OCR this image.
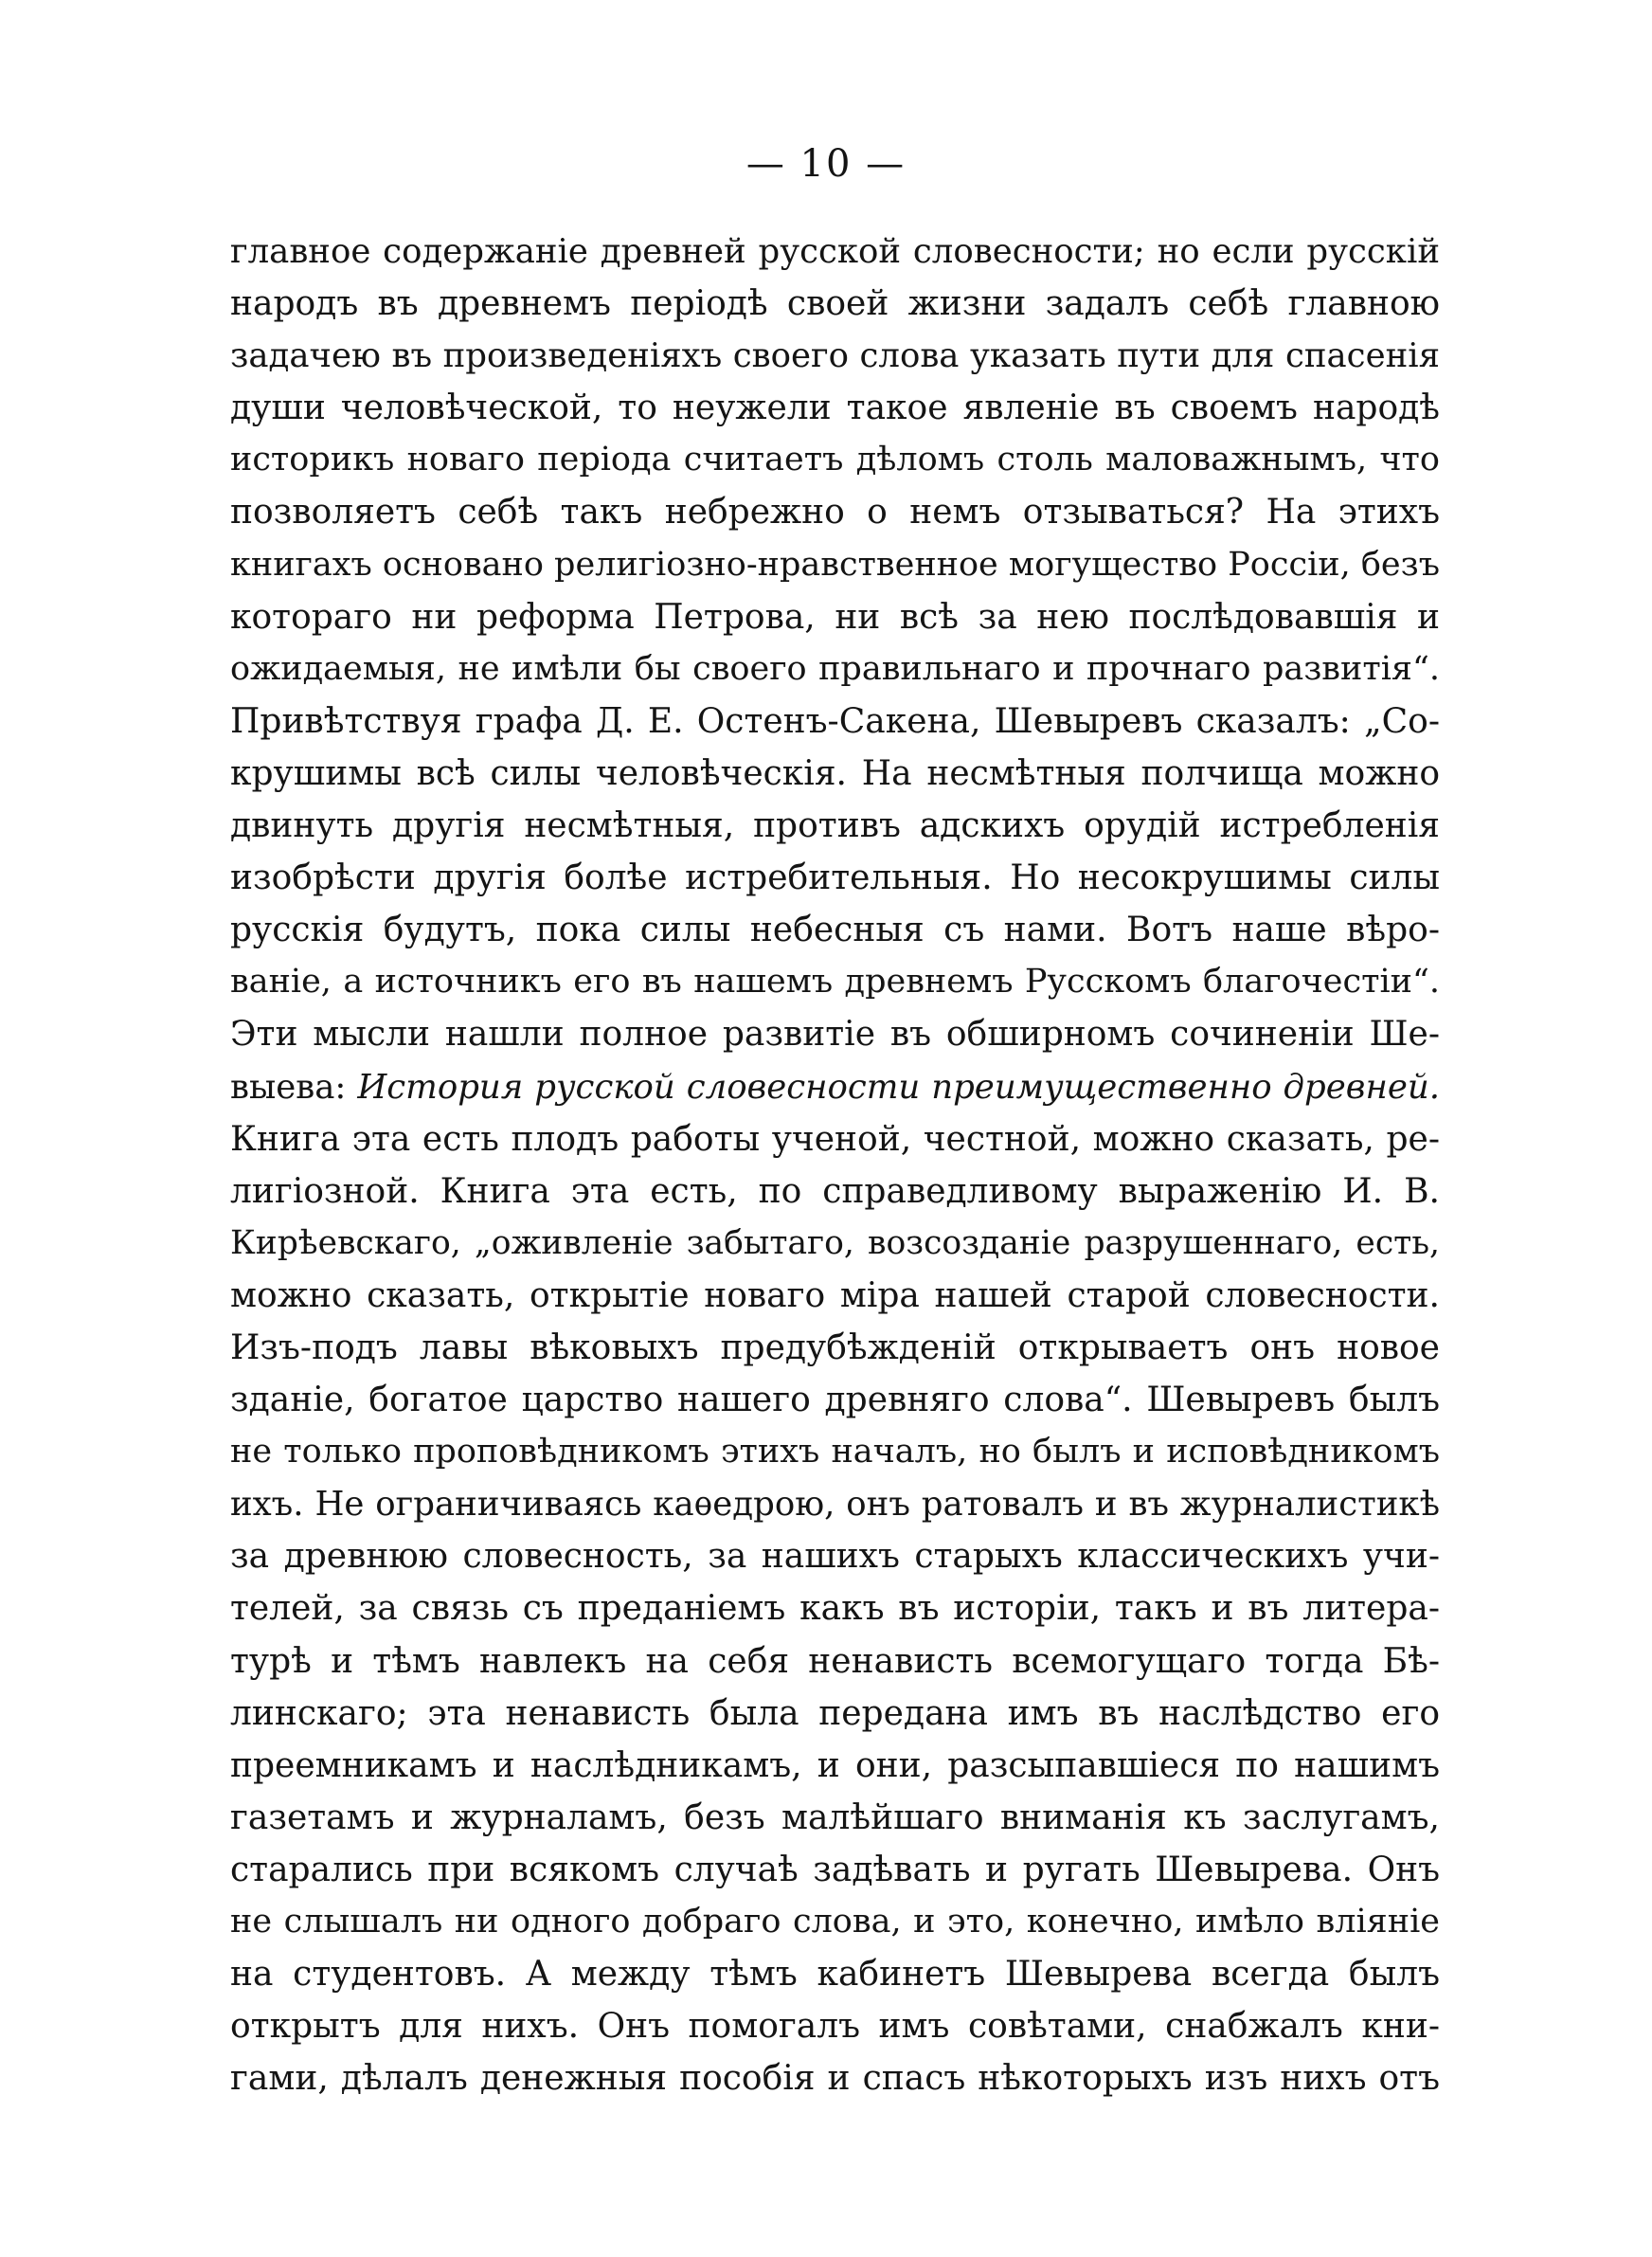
— 10 —
главное содержаніе древней русской словесности; но если русскій
народъ въ древнемъ періодѣ своей жизни задалъ себѣ главною
задачею въ произведеніяхъ своего слова указать пути для спасенія
души человѣческой, то неужели такое явленіе въ своемъ народѣ
историкъ новаго періода считаетъ дѣломъ столь маловажнымъ, что
позволяетъ себѣ такъ небрежно о немъ отзываться? На этихъ
книгахъ основано религіозно-нравственное могущество Россіи, безъ
котораго ни реформа Петрова, ни всѣ за нею послѣдовавшія и
ожидаемыя, не имѣли бы своего правильнаго и прочнаго развитія“.
Привѣтствуя графа Д. Е. Остенъ-Сакена, Шевыревъ сказалъ: „Со-
крушимы всѣ силы человѣческія. На несмѣтныя полчища можно
двинуть другія несмѣтныя, противъ адскихъ орудій истребленія
изобрѣсти другія болѣе истребительныя. Но несокрушимы силы
русскія будутъ, пока силы небесныя съ нами. Вотъ наше вѣро-
ваніе, а источникъ его въ нашемъ древнемъ Русскомъ благочестіи“.
Эти мысли нашли полное развитіе въ обширномъ сочиненіи Ше-
выева: История русской словесности преимущественно древней.
Книга эта есть плодъ работы ученой, честной, можно сказать, ре-
лигіозной. Книга эта есть, по справедливому выраженію И. В.
Кирѣевскаго, „оживленіе забытаго, возсозданіе разрушеннаго, есть,
можно сказать, открытіе новаго міра нашей старой словесности.
Изъ-подъ лавы вѣковыхъ предубѣжденій открываетъ онъ новое
зданіе, богатое царство нашего древняго слова“. Шевыревъ былъ
не только проповѣдникомъ этихъ началъ, но былъ и исповѣдникомъ
ихъ. Не ограничиваясь каѳедрою, онъ ратовалъ и въ журналистикѣ
за древнюю словесность, за нашихъ старыхъ классическихъ учи-
телей, за связь съ преданіемъ какъ въ исторіи, такъ и въ литера-
турѣ и тѣмъ навлекъ на себя ненависть всемогущаго тогда Бѣ-
линскаго; эта ненависть была передана имъ въ наслѣдство его
преемникамъ и наслѣдникамъ, и они, разсыпавшіеся по нашимъ
газетамъ и журналамъ, безъ малѣйшаго вниманія къ заслугамъ,
старались при всякомъ случаѣ задѣвать и ругать Шевырева. Онъ
не слышалъ ни одного добраго слова, и это, конечно, имѣло вліяніе
на студентовъ. А между тѣмъ кабинетъ Шевырева всегда былъ
открытъ для нихъ. Онъ помогалъ имъ совѣтами, снабжалъ кни-
гами, дѣлалъ денежныя пособія и спасъ нѣкоторыхъ изъ нихъ отъ
